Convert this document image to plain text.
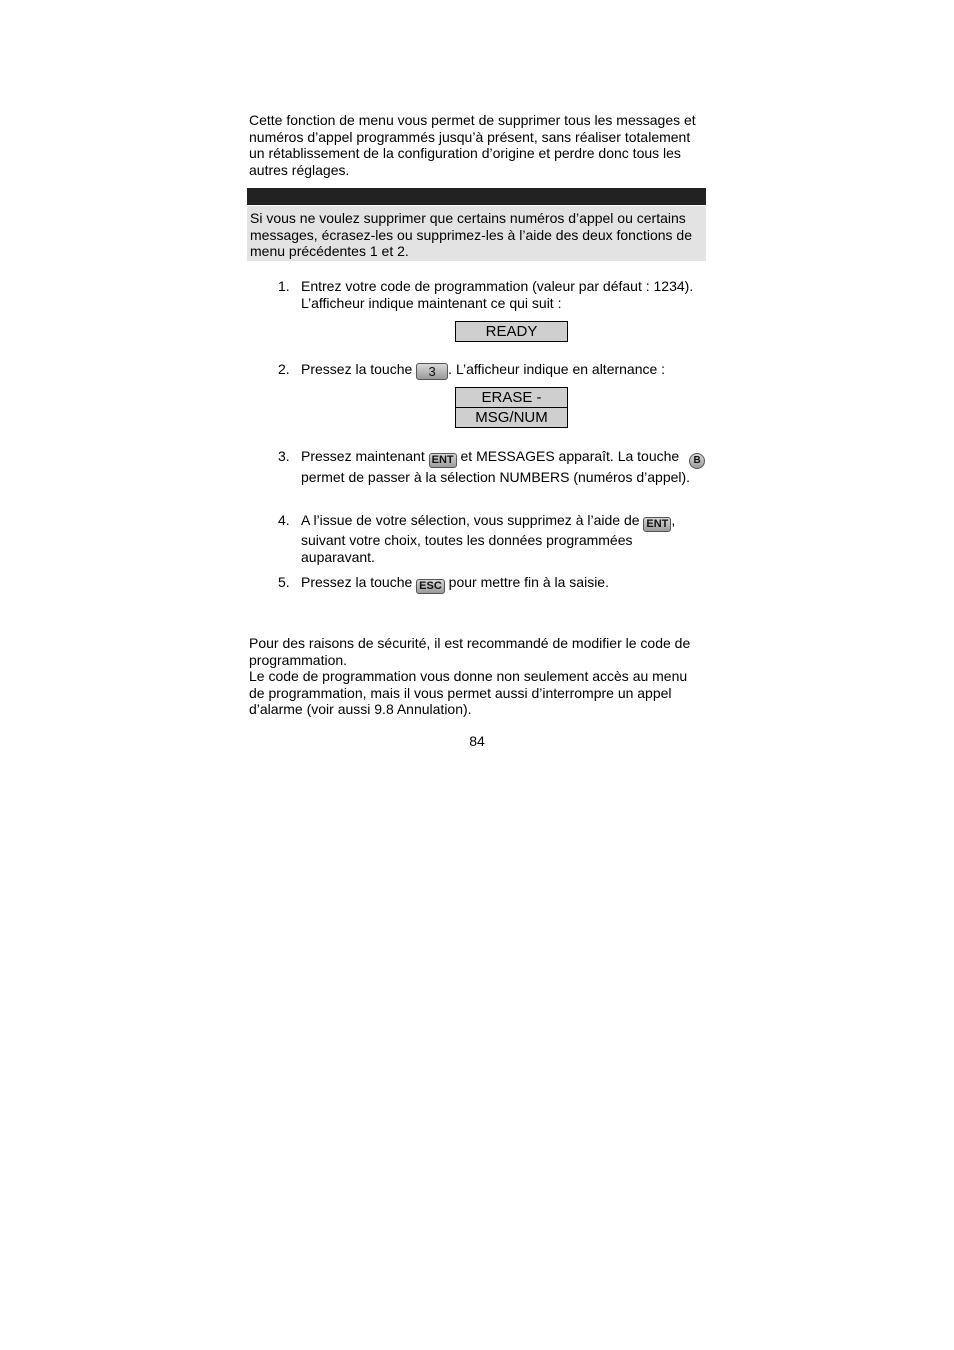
Cette fonction de menu vous permet de supprimer tous les messages et numéros d’appel programmés jusqu’à présent, sans réaliser totalement un rétablissement de la configuration d’origine et perdre donc tous les autres réglages.

Si vous ne voulez supprimer que certains numéros d’appel ou certains messages, écrasez-les ou supprimez-les à l’aide des deux fonctions de menu précédentes 1 et 2.

1. Entrez votre code de programmation (valeur par défaut : 1234). L’afficheur indique maintenant ce qui suit :
READY
2. Pressez la touche 3 . L’afficheur indique en alternance :
ERASE -
MSG/NUM
3. Pressez maintenant ENT et MESSAGES apparaît. La touche B permet de passer à la sélection NUMBERS (numéros d’appel).
4. A l’issue de votre sélection, vous supprimez à l’aide de ENT , suivant votre choix, toutes les données programmées auparavant.
5. Pressez la touche ESC pour mettre fin à la saisie.

Pour des raisons de sécurité, il est recommandé de modifier le code de programmation.

Le code de programmation vous donne non seulement accès au menu de programmation, mais il vous permet aussi d’interrompre un appel d’alarme (voir aussi 9.8 Annulation).

84
